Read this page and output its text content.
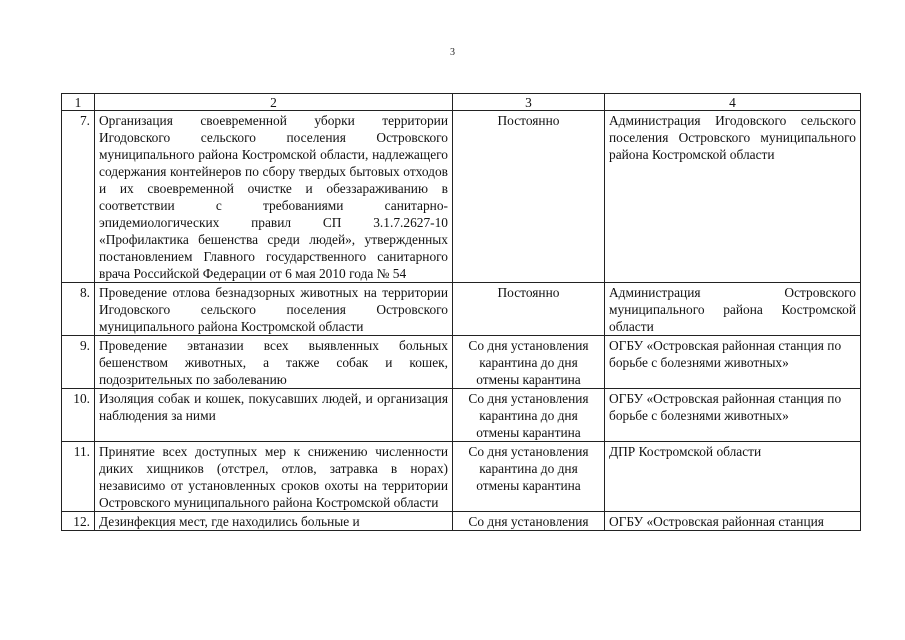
3
1	2	3	4
7.	Организация своевременной уборки территории Игодовского сельского поселения Островского муниципального района Костромской области, надлежащего содержания контейнеров по сбору твердых бытовых отходов и их своевременной очистке и обеззараживанию в соответствии с требованиями санитарно-эпидемиологических правил СП 3.1.7.2627-10 «Профилактика бешенства среди людей», утвержденных постановлением Главного государственного санитарного врача Российской Федерации от 6 мая 2010 года № 54	Постоянно	Администрация Игодовского сельского поселения Островского муниципального района Костромской области
8.	Проведение отлова безнадзорных животных на территории Игодовского сельского поселения Островского муниципального района Костромской области	Постоянно	Администрация Островского муниципального района Костромской области
9.	Проведение эвтаназии всех выявленных больных бешенством животных, а также собак и кошек, подозрительных по заболеванию	Со дня установления карантина до дня отмены карантина	ОГБУ «Островская районная станция по борьбе с болезнями животных»
10.	Изоляция собак и кошек, покусавших людей, и организация наблюдения за ними	Со дня установления карантина до дня отмены карантина	ОГБУ «Островская районная станция по борьбе с болезнями животных»
11.	Принятие всех доступных мер к снижению численности диких хищников (отстрел, отлов, затравка в норах) независимо от установленных сроков охоты на территории Островского муниципального района Костромской области	Со дня установления карантина до дня отмены карантина	ДПР Костромской области
12.	Дезинфекция мест, где находились больные и	Со дня установления	ОГБУ «Островская районная станция
